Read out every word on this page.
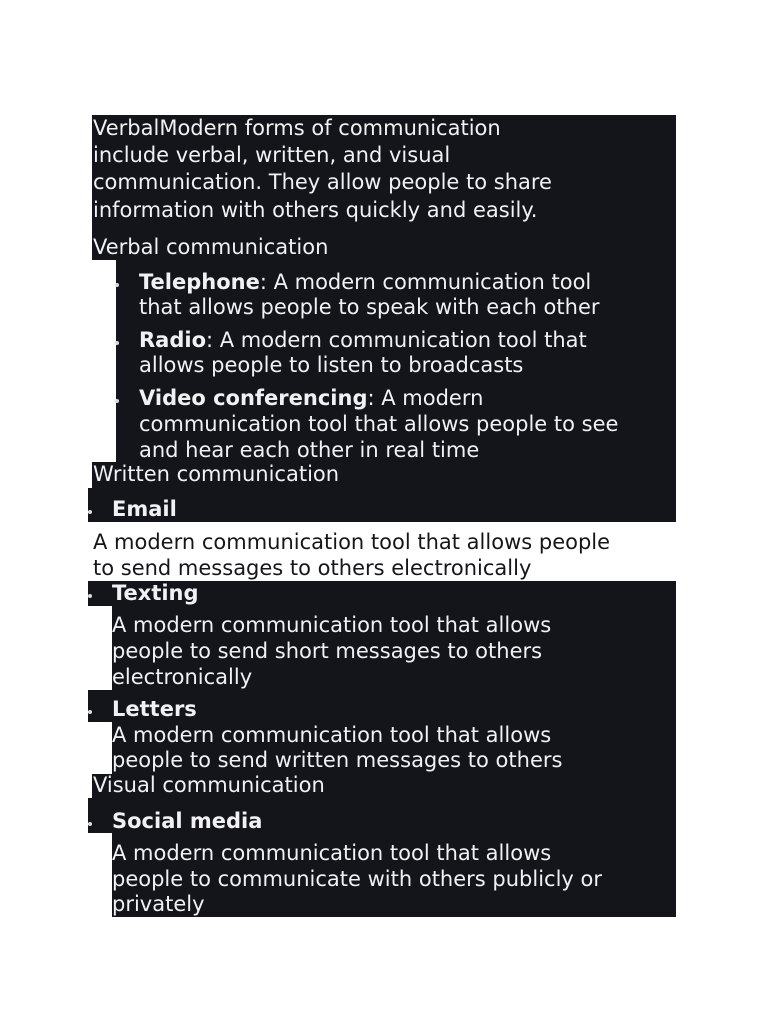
VerbalModern forms of communication

include verbal, written, and visual

communication. They allow people to share

information with others quickly and easily.

Verbal communication

Telephone: A modern communication tool

that allows people to speak with each other

Radio: A modern communication tool that

allows people to listen to broadcasts

Video conferencing: A modern

communication tool that allows people to see

and hear each other in real time

Written communication

Email

A modern communication tool that allows people

to send messages to others electronically

Texting

A modern communication tool that allows

people to send short messages to others

electronically

Letters

A modern communication tool that allows

people to send written messages to others

Visual communication

Social media

A modern communication tool that allows

people to communicate with others publicly or

privately
